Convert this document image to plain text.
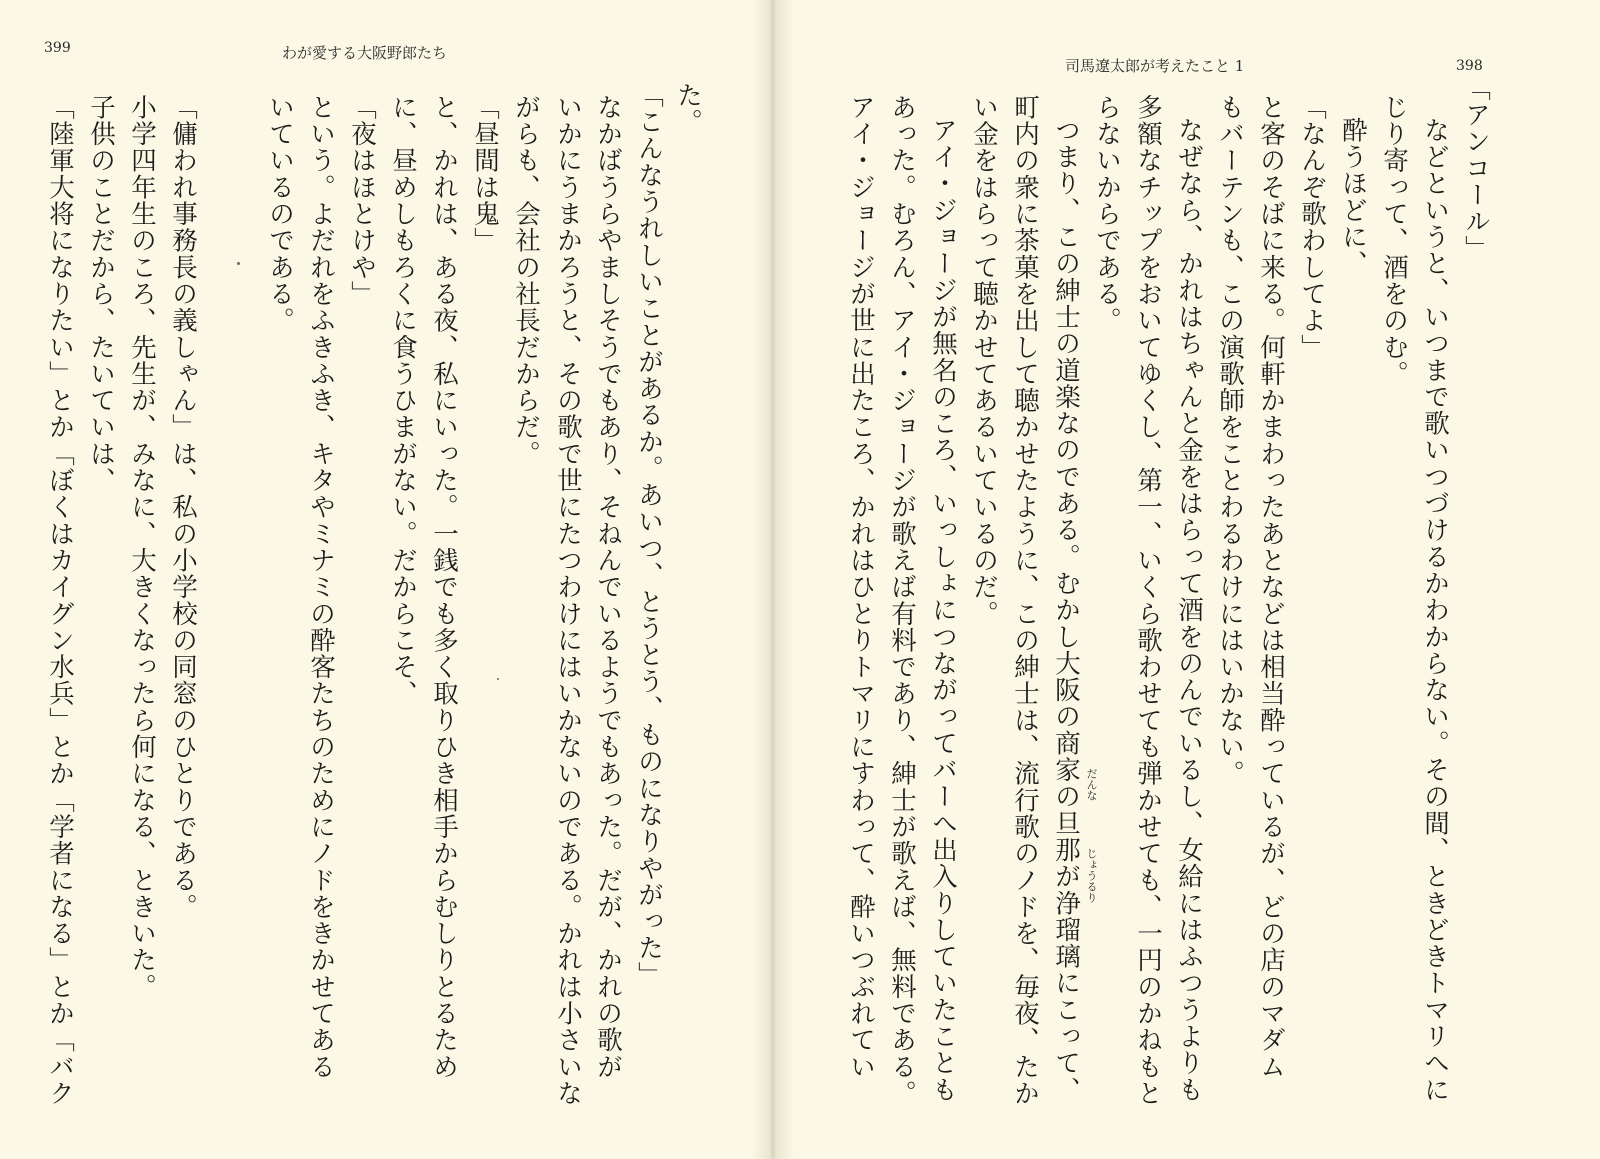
399	わが愛する大阪野郎たち
た。
「こんなうれしいことがあるか。あいつ、とうとう、ものになりやがった」
なかばうらやましそうでもあり、そねんでいるようでもあった。だが、かれの歌が
いかにうまかろうと、その歌で世にたつわけにはいかないのである。かれは小さいな
がらも、会社の社長だからだ。
「昼間は鬼」
と、かれは、ある夜、私にいった。一銭でも多く取りひき相手からむしりとるため
に、昼めしもろくに食うひまがない。だからこそ、
「夜はほとけや」
という。よだれをふきふき、キタやミナミの酔客たちのためにノドをきかせてある
いているのである。
「傭われ事務長の義しゃん」は、私の小学校の同窓のひとりである。
小学四年生のころ、先生が、みなに、大きくなったら何になる、ときいた。
子供のことだから、たいていは、
「陸軍大将になりたい」とか「ぼくはカイグン水兵」とか「学者になる」とか「バク
司馬遼太郎が考えたこと 1	398
「アンコール」
などというと、いつまで歌いつづけるかわからない。その間、ときどきトマリへに
じり寄って、酒をのむ。
酔うほどに、
「なんぞ歌わしてよ」
と客のそばに来る。何軒かまわったあとなどは相当酔っているが、どの店のマダム
もバーテンも、この演歌師をことわるわけにはいかない。
なぜなら、かれはちゃんと金をはらって酒をのんでいるし、女給にはふつうよりも
多額なチップをおいてゆくし、第一、いくら歌わせても弾かせても、一円のかねもと
らないからである。
つまり、この紳士の道楽なのである。むかし大阪の商家の旦那が浄瑠璃にこって、
町内の衆に茶菓を出して聴かせたように、この紳士は、流行歌のノドを、毎夜、たか
い金をはらって聴かせてあるいているのだ。
アイ・ジョージが無名のころ、いっしょにつながってバーへ出入りしていたことも
あった。むろん、アイ・ジョージが歌えば有料であり、紳士が歌えば、無料である。
アイ・ジョージが世に出たころ、かれはひとりトマリにすわって、酔いつぶれてい	だんな
じょうるり
